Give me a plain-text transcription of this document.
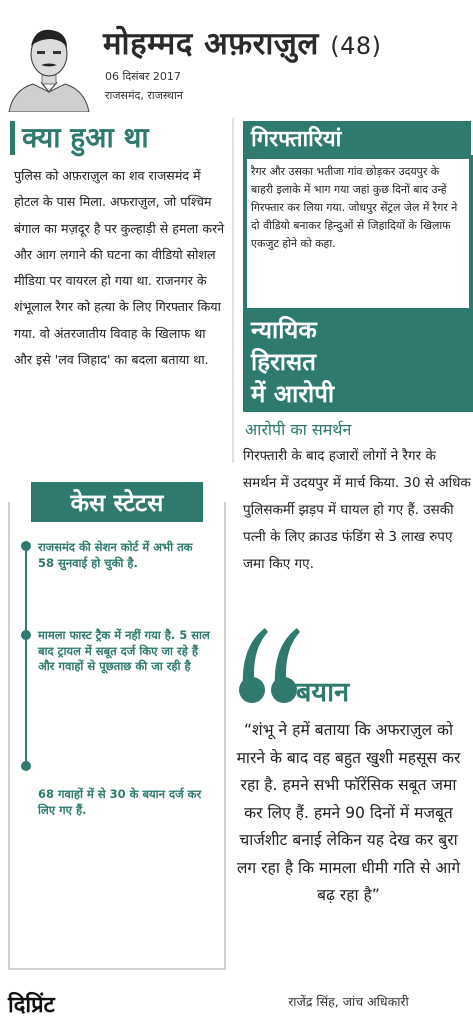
मोहम्मद अफ़राज़ुल (48)
06 दिसंबर 2017
राजसमंद, राजस्थान
क्या हुआ था
पुलिस को अफ़राज़ुल का शव राजसमंद में होटल के पास मिला. अफराज़ुल, जो पश्चिम बंगाल का मज़दूर है पर कुल्हाड़ी से हमला करने और आग लगाने की घटना का वीडियो सोशल मीडिया पर वायरल हो गया था. राजनगर के शंभूलाल रैगर को हत्या के लिए गिरफ्तार किया गया. वो अंतरजातीय विवाह के खिलाफ था और इसे 'लव जिहाद' का बदला बताया था.
केस स्टेटस
राजसमंद की सेशन कोर्ट में अभी तक 58 सुनवाई हो चुकी है.
मामला फास्ट ट्रैक में नहीं गया है. 5 साल बाद ट्रायल में सबूत दर्ज किए जा रहे हैं और गवाहों से पूछताछ की जा रही है
68 गवाहों में से 30 के बयान दर्ज कर लिए गए हैं.
गिरफ्तारियां
रैगर और उसका भतीजा गांव छोड़कर उदयपुर के बाहरी इलाके में भाग गया जहां कुछ दिनों बाद उन्हें गिरफ्तार कर लिया गया. जोधपुर सेंट्रल जेल में रैगर ने दो वीडियो बनाकर हिन्दुओं से जिहादियों के खिलाफ एकजुट होने को कहा.
न्यायिक
हिरासत
में आरोपी
आरोपी का समर्थन
गिरफ्तारी के बाद हजारों लोगों ने रैगर के समर्थन में उदयपुर में मार्च किया. 30 से अधिक पुलिसकर्मी झड़प में घायल हो गए हैं. उसकी पत्नी के लिए क्राउड फंडिंग से 3 लाख रुपए जमा किए गए.
बयान
“शंभू ने हमें बताया कि अफराज़ुल को मारने के बाद वह बहुत खुशी महसूस कर रहा है. हमने सभी फॉरेंसिक सबूत जमा कर लिए हैं. हमने 90 दिनों में मजबूत चार्जशीट बनाई लेकिन यह देख कर बुरा लग रहा है कि मामला धीमी गति से आगे बढ़ रहा है”
राजेंद्र सिंह, जांच अधिकारी
दिप्रिंट
